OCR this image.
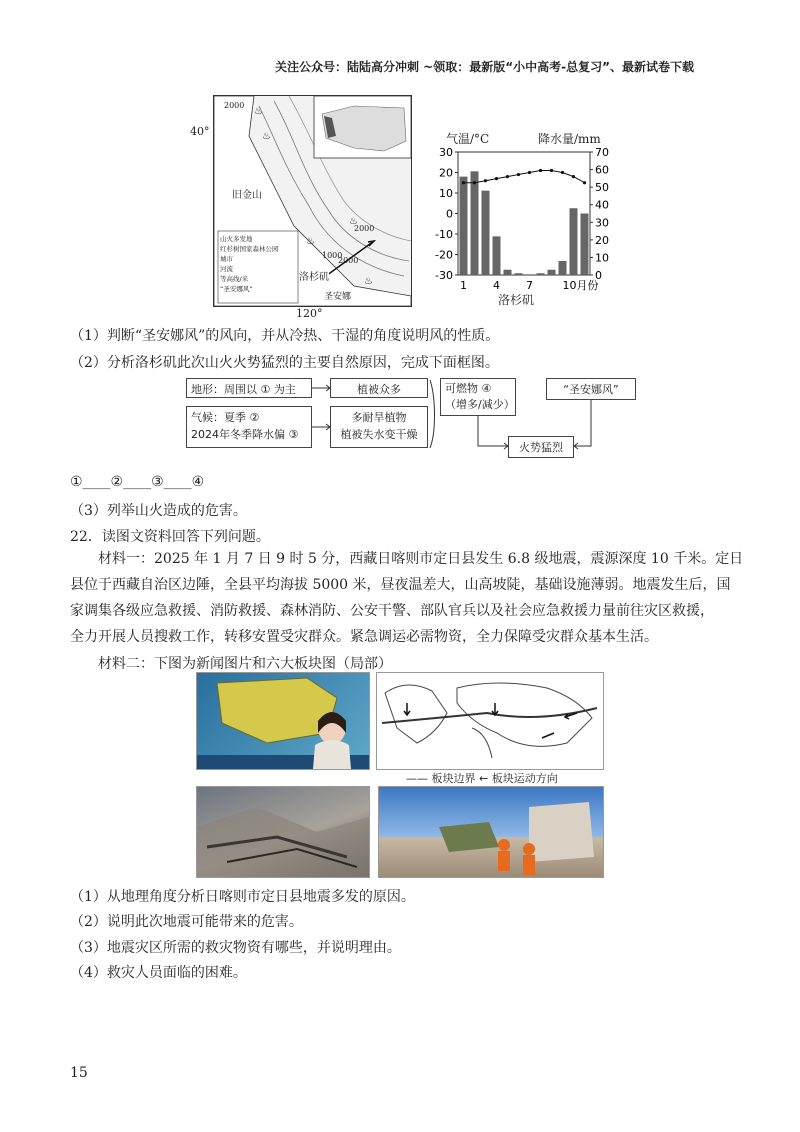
关注公众号：陆陆高分冲刺 ~领取：最新版“小中高考-总复习”、最新试卷下载
40°
2000
旧金山
2000
1000
2000
洛杉矶
圣安娜
山火多发地
红杉树国家森林公园
城市
河流
等高线/米
“圣安娜风”
♨
♨
♨
♨
♨
120°
气温/°C	降水量/mm
30
20
10
0
-10
-20
-30
70
60
50
40
30
20
10
0
1 4 7	10月份
洛杉矶
（1）判断“圣安娜风”的风向，并从冷热、干湿的角度说明风的性质。
（2）分析洛杉矶此次山火火势猛烈的主要自然原因，完成下面框图。
地形：周围以 ① 为主
气候：夏季 ②
2024年冬季降水偏 ③
植被众多
多耐旱植物
植被失水变干燥
可燃物 ④
（增多/减少）
“圣安娜风”
火势猛烈
①____②____③____④
（3）列举山火造成的危害。
22．读图文资料回答下列问题。
材料一：2025 年 1 月 7 日 9 时 5 分，西藏日喀则市定日县发生 6.8 级地震，震源深度 10 千米。定日
县位于西藏自治区边陲，全县平均海拔 5000 米，昼夜温差大，山高坡陡，基础设施薄弱。地震发生后，国
家调集各级应急救援、消防救援、森林消防、公安干警、部队官兵以及社会应急救援力量前往灾区救援，
全力开展人员搜救工作，转移安置受灾群众。紧急调运必需物资，全力保障受灾群众基本生活。
材料二：下图为新闻图片和六大板块图（局部）
—— 板块边界 ← 板块运动方向
（1）从地理角度分析日喀则市定日县地震多发的原因。
（2）说明此次地震可能带来的危害。
（3）地震灾区所需的救灾物资有哪些，并说明理由。
（4）救灾人员面临的困难。
15
